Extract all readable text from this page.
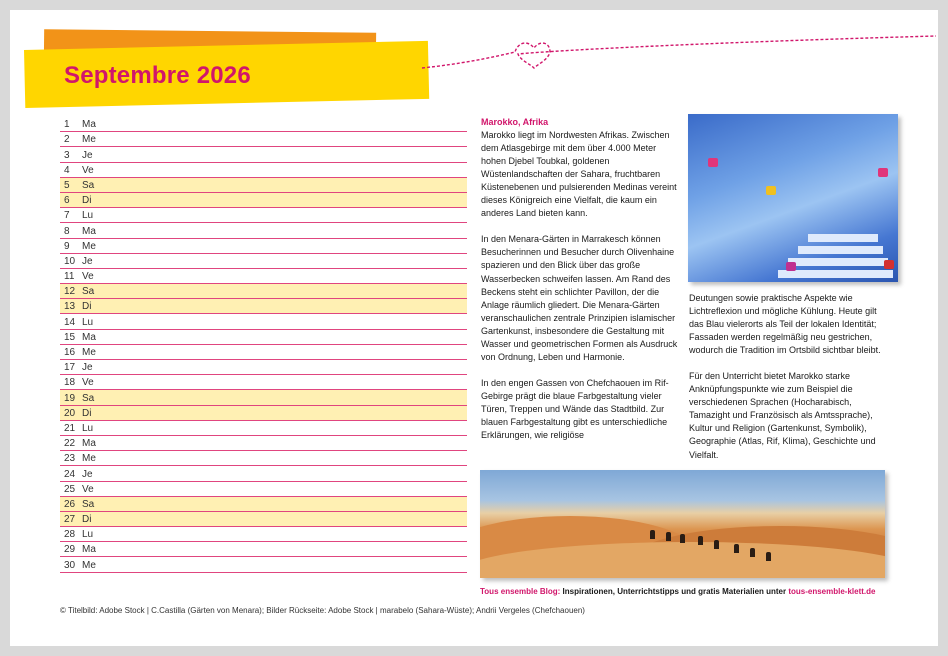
Septembre 2026
1	Ma
2	Me
3	Je
4	Ve
5	Sa
6	Di
7	Lu
8	Ma
9	Me
10 Je
11 Ve
12 Sa
13 Di
14 Lu
15 Ma
16 Me
17 Je
18 Ve
19 Sa
20 Di
21 Lu
22 Ma
23 Me
24 Je
25 Ve
26 Sa
27 Di
28 Lu
29 Ma
30 Me

Marokko, Afrika
Marokko liegt im Nordwesten Afrikas. Zwischen dem Atlasgebirge mit dem über 4.000 Meter hohen Djebel Toubkal, goldenen Wüstenlandschaften der Sahara, fruchtbaren Küstenebenen und pulsierenden Medinas vereint dieses Königreich eine Vielfalt, die kaum ein anderes Land bieten kann.

In den Menara-Gärten in Marrakesch können Besucherinnen und Besucher durch Olivenhaine spazieren und den Blick über das große Wasserbecken schweifen lassen. Am Rand des Beckens steht ein schlichter Pavillon, der die Anlage räumlich gliedert. Die Menara-Gärten veranschaulichen zentrale Prinzipien islamischer Gartenkunst, insbesondere die Gestaltung mit Wasser und geometrischen Formen als Ausdruck von Ordnung, Leben und Harmonie.

In den engen Gassen von Chefchaouen im Rif-Gebirge prägt die blaue Farbgestaltung vieler Türen, Treppen und Wände das Stadtbild. Zur blauen Farbgestaltung gibt es unterschiedliche Erklärungen, wie religiöse

Deutungen sowie praktische Aspekte wie Lichtreflexion und mögliche Kühlung. Heute gilt das Blau vielerorts als Teil der lokalen Identität; Fassaden werden regelmäßig neu gestrichen, wodurch die Tradition im Ortsbild sichtbar bleibt.

Für den Unterricht bietet Marokko starke Anknüpfungspunkte wie zum Beispiel die verschiedenen Sprachen (Hocharabisch, Tamazight und Französisch als Amtssprache), Kultur und Religion (Gartenkunst, Symbolik), Geographie (Atlas, Rif, Klima), Geschichte und Vielfalt.

Tous ensemble Blog: Inspirationen, Unterrichtstipps und gratis Materialien unter tous-ensemble-klett.de
© Titelbild: Adobe Stock | C.Castilla (Gärten von Menara); Bilder Rückseite: Adobe Stock | marabelo (Sahara-Wüste); Andrii Vergeles (Chefchaouen)
